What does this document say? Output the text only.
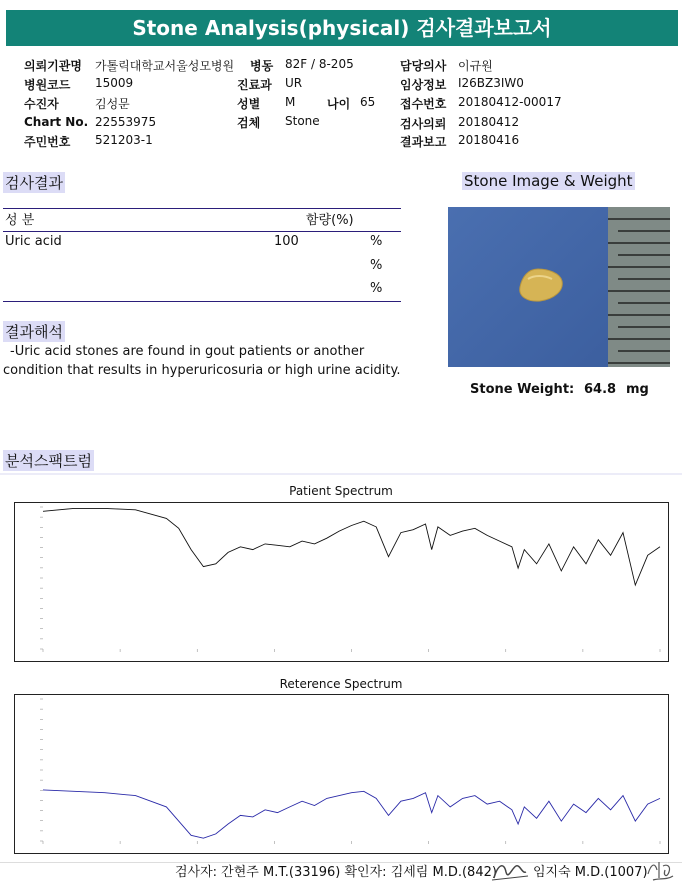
Stone Analysis(physical) 검사결과보고서
의뢰기관명 가톨릭대학교서울성모병원 병동 82F / 8-205	담당의사 이규원
병원코드 15009	진료과 UR	임상정보 I26BZ3IW0
수진자	김성문	성별 M	나이 65 접수번호 20180412-00017
Chart No. 22553975	검체 Stone	검사의뢰 20180412
주민번호 521203-1	결과보고 20180416
검사결과
성 분	함량(%)
Uric acid	100	%
%
%
Stone Image & Weight
Stone Weight: 64.8 mg
결과해석
-Uric acid stones are found in gout patients or another
condition that results in hyperuricosuria or high urine acidity.
분석스팩트럼
Patient Spectrum
Reterence Spectrum
검사자: 간현주 M.T.(33196) 확인자: 김세림 M.D.(842)	임지숙 M.D.(1007)
